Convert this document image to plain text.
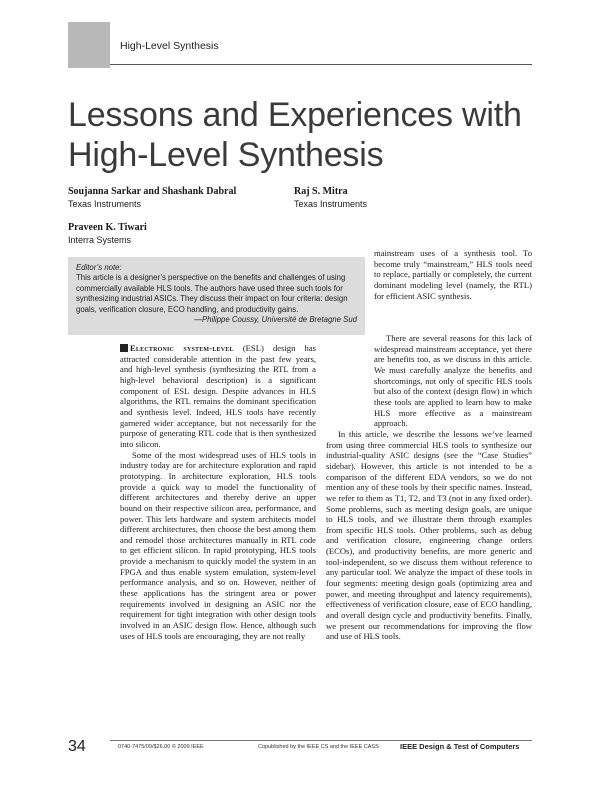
High-Level Synthesis
Lessons and Experiences with High-Level Synthesis
Soujanna Sarkar and Shashank Dabral
Texas Instruments
Raj S. Mitra
Texas Instruments
Praveen K. Tiwari
Interra Systems
Editor’s note:
This article is a designer’s perspective on the benefits and challenges of using commercially available HLS tools. The authors have used three such tools for synthesizing industrial ASICs. They discuss their impact on four criteria: design goals, verification closure, ECO handling, and productivity gains.
—Philippe Coussy, Université de Bretagne Sud

Electronic system-level (ESL) design has attracted considerable attention in the past few years, and high-level synthesis (synthesizing the RTL from a high-level behavioral description) is a significant component of ESL design. Despite advances in HLS algorithms, the RTL remains the dominant specification and synthesis level. Indeed, HLS tools have recently garnered wider acceptance, but not necessarily for the purpose of generating RTL code that is then synthesized into silicon.

Some of the most widespread uses of HLS tools in industry today are for architecture exploration and rapid prototyping. In architecture exploration, HLS tools provide a quick way to model the functionality of different architectures and thereby derive an upper bound on their respective silicon area, performance, and power. This lets hardware and system architects model different architectures, then choose the best among them and remodel those architectures manually in RTL code to get efficient silicon. In rapid prototyping, HLS tools provide a mechanism to quickly model the system in an FPGA and thus enable system emulation, system-level performance analysis, and so on. However, neither of these applications has the stringent area or power requirements involved in designing an ASIC nor the requirement for tight integration with other design tools involved in an ASIC design flow. Hence, although such uses of HLS tools are encouraging, they are not really

mainstream uses of a synthesis tool. To become truly “mainstream,” HLS tools need to replace, partially or completely, the current dominant modeling level (namely, the RTL) for efficient ASIC synthesis.

There are several reasons for this lack of widespread mainstream acceptance, yet there are benefits too, as we discuss in this article. We must carefully analyze the benefits and shortcomings, not only of specific HLS tools but also of the context (design flow) in which these tools are applied to learn how to make HLS more effective as a mainstream approach.

In this article, we describe the lessons we’ve learned from using three commercial HLS tools to synthesize our industrial-quality ASIC designs (see the “Case Studies” sidebar). However, this article is not intended to be a comparison of the different EDA vendors, so we do not mention any of these tools by their specific names. Instead, we refer to them as T1, T2, and T3 (not in any fixed order). Some problems, such as meeting design goals, are unique to HLS tools, and we illustrate them through examples from specific HLS tools. Other problems, such as debug and verification closure, engineering change orders (ECOs), and productivity benefits, are more generic and tool-independent, so we discuss them without reference to any particular tool. We analyze the impact of these tools in four segments: meeting design goals (optimizing area and power, and meeting throughput and latency requirements), effectiveness of verification closure, ease of ECO handling, and overall design cycle and productivity benefits. Finally, we present our recommendations for improving the flow and use of HLS tools.

34	0740-7475/09/$26.00 © 2009 IEEE	Copublished by the IEEE CS and the IEEE CASS	IEEE Design & Test of Computers
